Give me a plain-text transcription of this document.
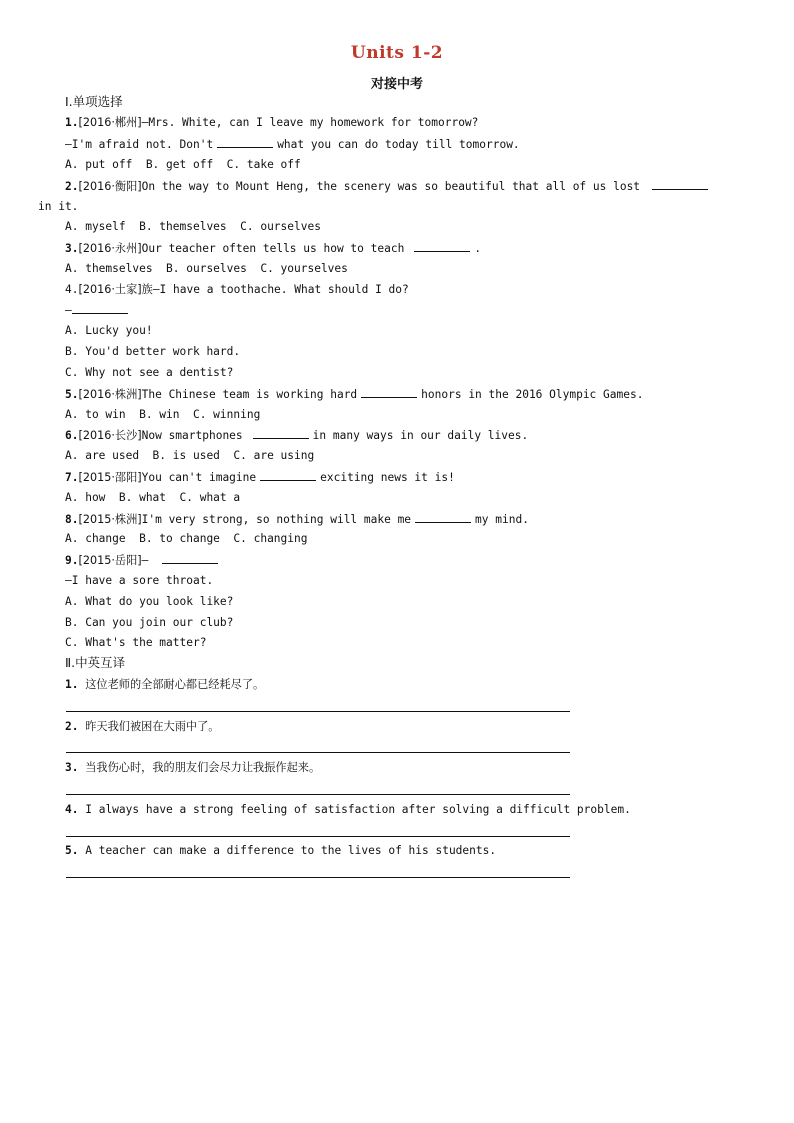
Units 1-2
对接中考
Ⅰ.单项选择
1.[2016·郴州]—Mrs. White, can I leave my homework for tomorrow?
—I'm afraid not. Don't	what you can do today till tomorrow.
A. put off  B. get off  C. take off
2.[2016·衡阳]On the way to Mount Heng, the scenery was so beautiful that all of us lost
in it.
A. myself  B. themselves  C. ourselves
3.[2016·永州]Our teacher often tells us how to teach	.
A. themselves  B. ourselves  C. yourselves
4.[2016·土家]族—I have a toothache. What should I do?
—
A. Lucky you!
B. You'd better work hard.
C. Why not see a dentist?
5.[2016·株洲]The Chinese team is working hard	honors in the 2016 Olympic Games.
A. to win  B. win  C. winning
6.[2016·长沙]Now smartphones	in many ways in our daily lives.
A. are used  B. is used  C. are using
7.[2015·邵阳]You can't imagine	exciting news it is!
A. how  B. what  C. what a
8.[2015·株洲]I'm very strong, so nothing will make me	my mind.
A. change  B. to change  C. changing
9.[2015·岳阳]—
—I have a sore throat.
A. What do you look like?
B. Can you join our club?
C. What's the matter?
Ⅱ.中英互译
1. 这位老师的全部耐心都已经耗尽了。
2. 昨天我们被困在大雨中了。
3. 当我伤心时，我的朋友们会尽力让我振作起来。
4. I always have a strong feeling of satisfaction after solving a difficult problem.
5. A teacher can make a difference to the lives of his students.
